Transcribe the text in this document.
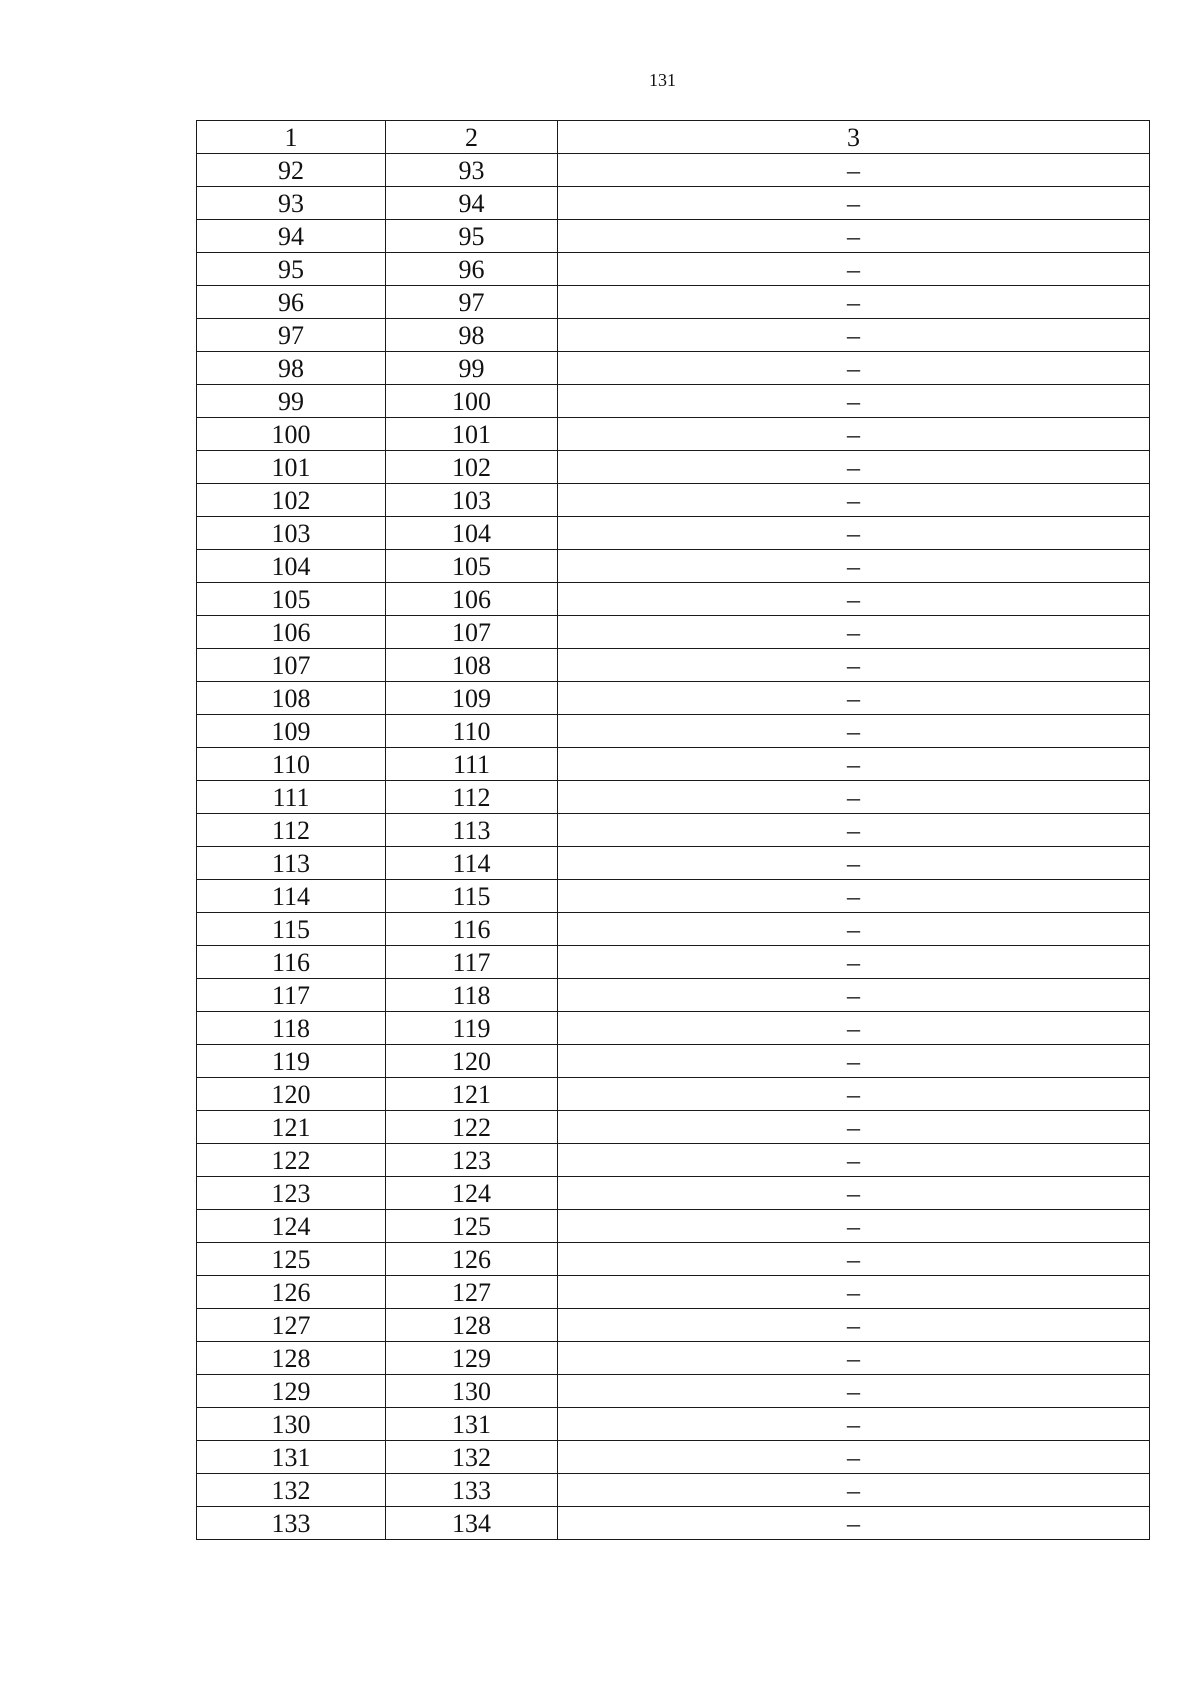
131
1	2	3
92	93	–
93	94	–
94	95	–
95	96	–
96	97	–
97	98	–
98	99	–
99	100	–
100	101	–
101	102	–
102	103	–
103	104	–
104	105	–
105	106	–
106	107	–
107	108	–
108	109	–
109	110	–
110	111	–
111	112	–
112	113	–
113	114	–
114	115	–
115	116	–
116	117	–
117	118	–
118	119	–
119	120	–
120	121	–
121	122	–
122	123	–
123	124	–
124	125	–
125	126	–
126	127	–
127	128	–
128	129	–
129	130	–
130	131	–
131	132	–
132	133	–
133	134	–
